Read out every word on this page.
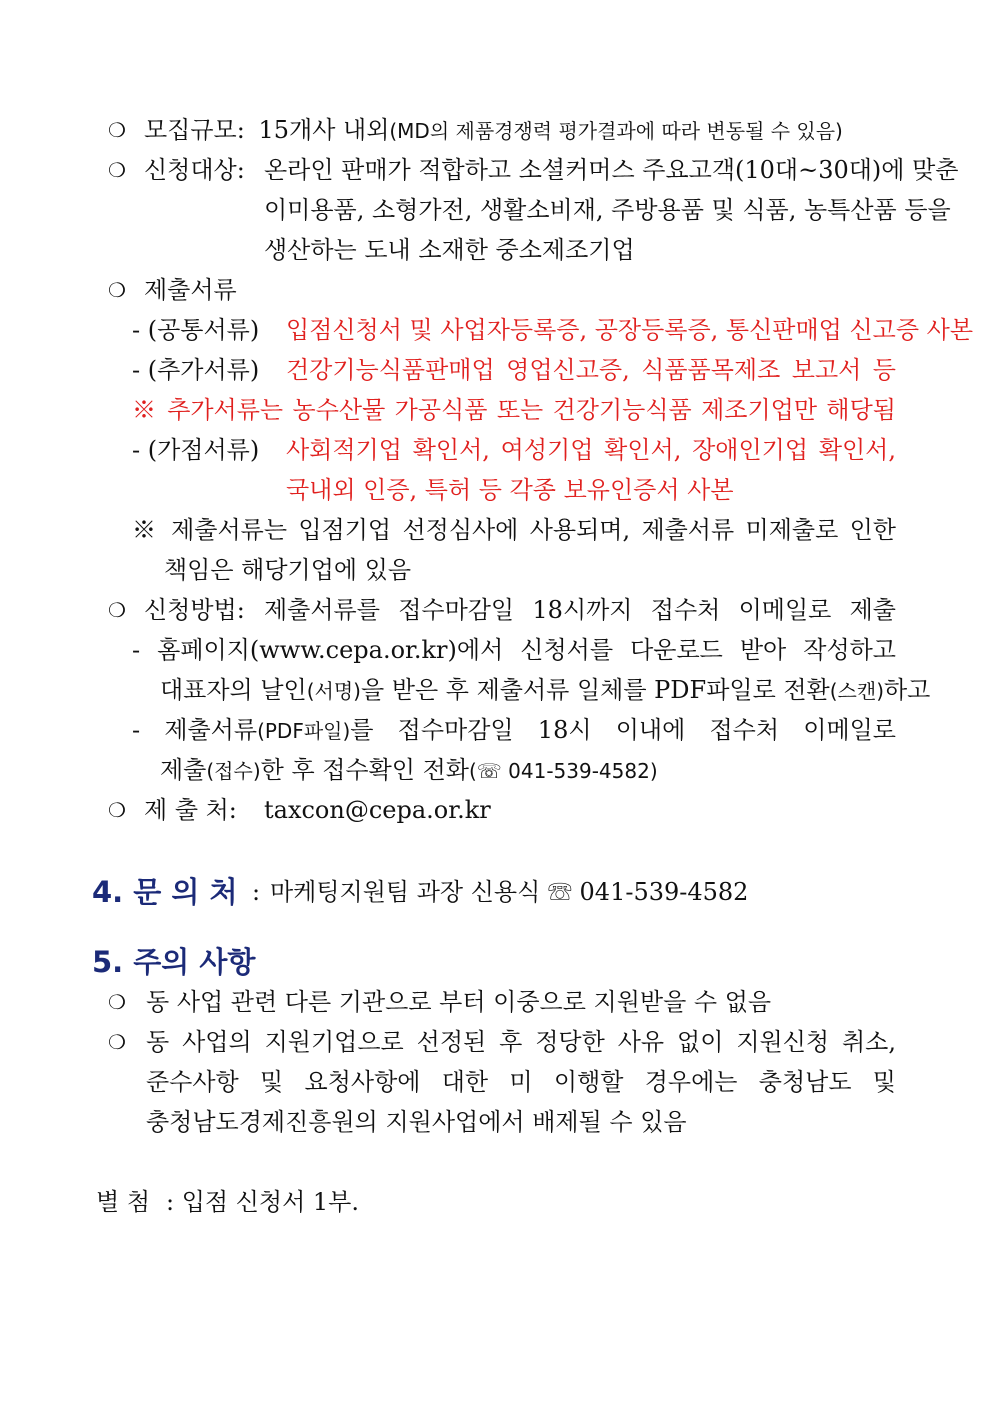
❍ 모집규모: 15개사 내외(MD의 제품경쟁력 평가결과에 따라 변동될 수 있음)
❍ 신청대상: 온라인 판매가 적합하고 소셜커머스 주요고객(10대~30대)에 맞춘
이미용품, 소형가전, 생활소비재, 주방용품 및 식품, 농특산품 등을
생산하는 도내 소재한 중소제조기업
❍ 제출서류
- (공통서류) 입점신청서 및 사업자등록증, 공장등록증, 통신판매업 신고증 사본
- (추가서류) 건강기능식품판매업 영업신고증, 식품품목제조 보고서 등
※ 추가서류는 농수산물 가공식품 또는 건강기능식품 제조기업만 해당됨
- (가점서류) 사회적기업 확인서, 여성기업 확인서, 장애인기업 확인서,
국내외 인증, 특허 등 각종 보유인증서 사본
※ 제출서류는 입점기업 선정심사에 사용되며, 제출서류 미제출로 인한
책임은 해당기업에 있음
❍ 신청방법: 제출서류를 접수마감일 18시까지 접수처 이메일로 제출
- 홈페이지(www.cepa.or.kr)에서 신청서를 다운로드 받아 작성하고
대표자의 날인(서명)을 받은 후 제출서류 일체를 PDF파일로 전환(스캔)하고
- 제출서류(PDF파일)를 접수마감일 18시 이내에 접수처 이메일로
제출(접수)한 후 접수확인 전화(☏ 041-539-4582)
❍ 제 출 처: taxcon@cepa.or.kr
4. 문 의 처 : 마케팅지원팀 과장 신용식 ☏ 041-539-4582
5. 주의 사항
❍ 동 사업 관련 다른 기관으로 부터 이중으로 지원받을 수 없음
❍ 동 사업의 지원기업으로 선정된 후 정당한 사유 없이 지원신청 취소,
준수사항 및 요청사항에 대한 미 이행할 경우에는 충청남도 및
충청남도경제진흥원의 지원사업에서 배제될 수 있음
별 첨 : 입점 신청서 1부.
